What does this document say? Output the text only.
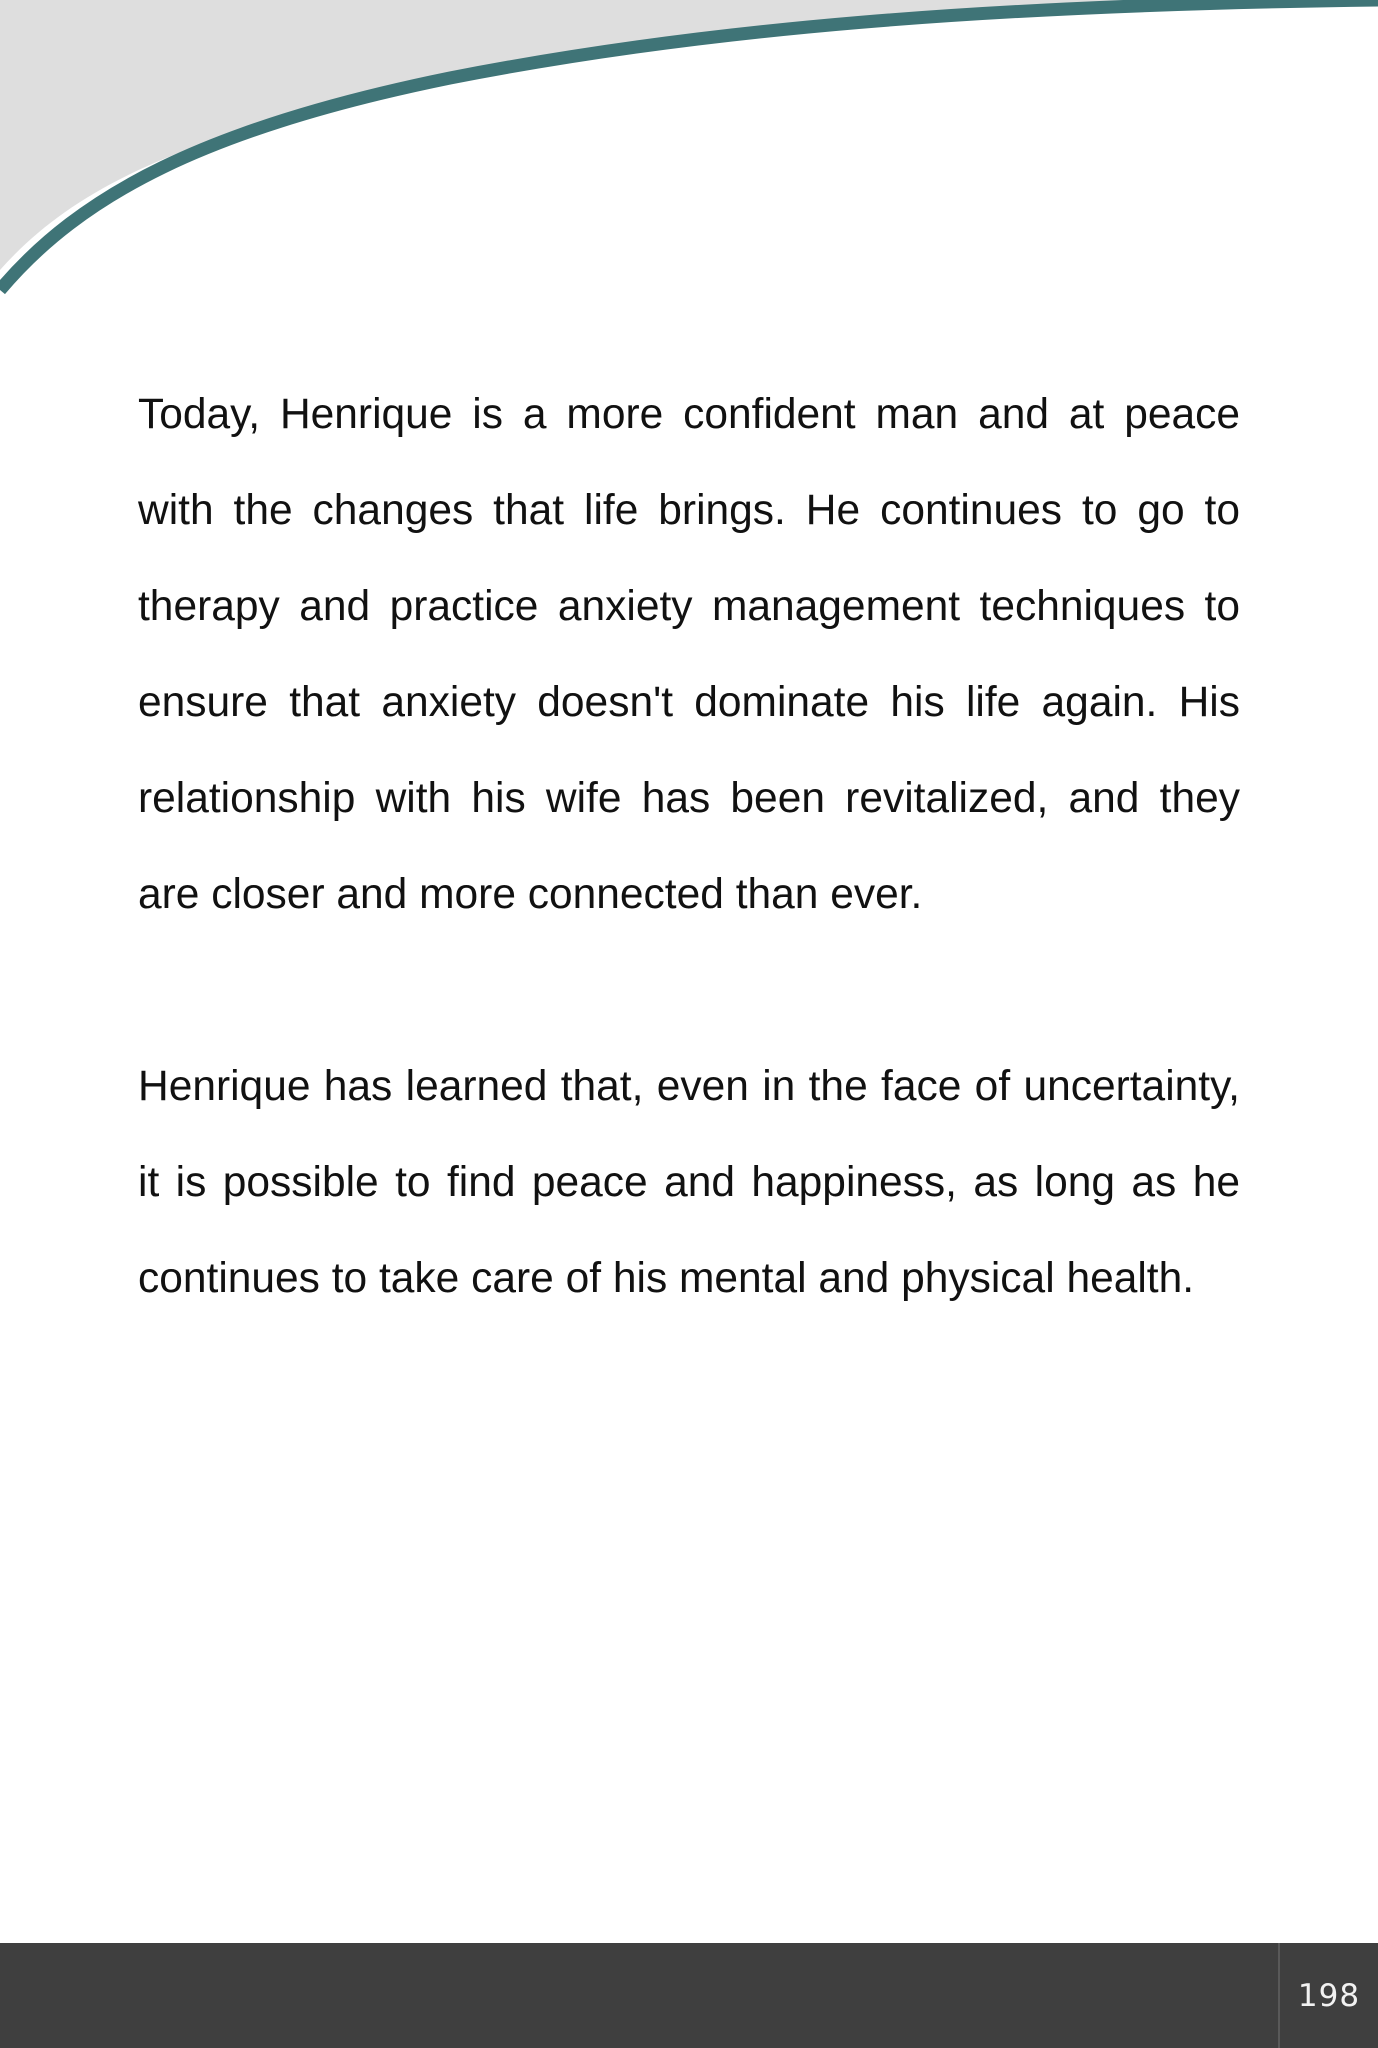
Today, Henrique is a more confident man and at peace with the changes that life brings. He continues to go to therapy and practice anxiety management techniques to ensure that anxiety doesn't dominate his life again. His relationship with his wife has been revitalized, and they are closer and more connected than ever.

Henrique has learned that, even in the face of uncertainty, it is possible to find peace and happiness, as long as he continues to take care of his mental and physical health.

198
